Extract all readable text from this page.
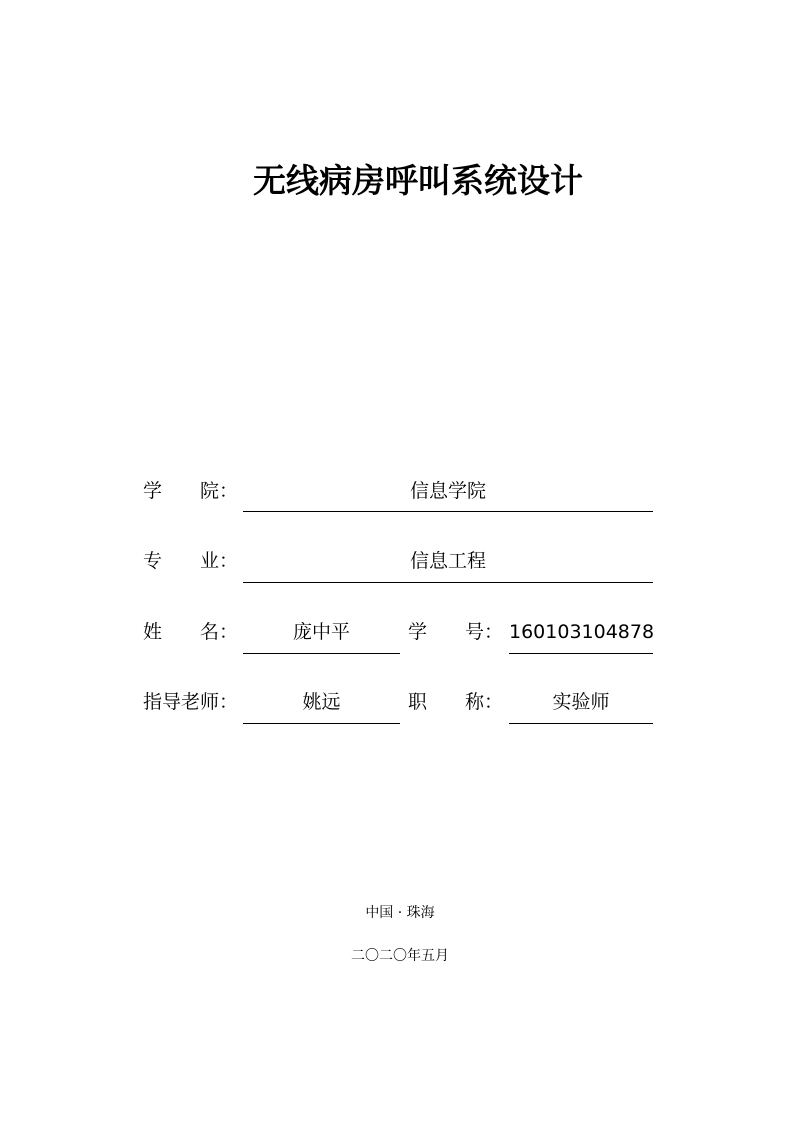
无线病房呼叫系统设计
学　　院：	信息学院
专　　业：	信息工程
姓　　名：	庞中平	学　　号： 160103104878
指导老师：	姚远	职　　称：	实验师
中国 · 珠海
二〇二〇年五月
